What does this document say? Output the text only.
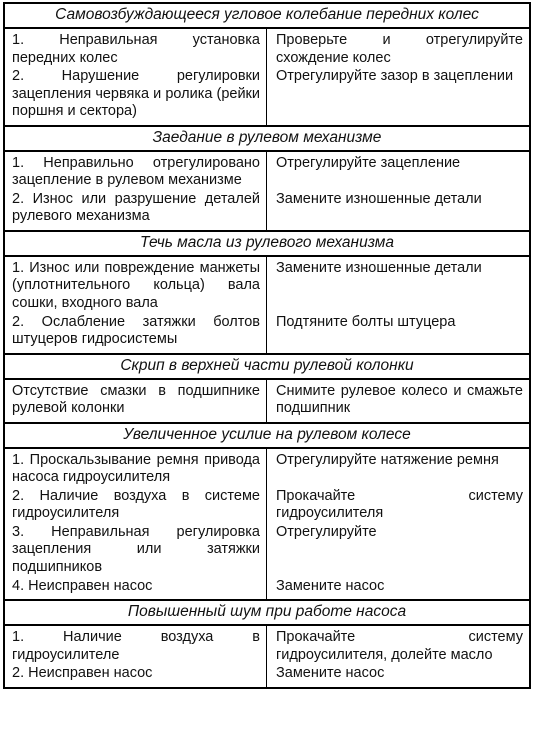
Самовозбуждающееся угловое колебание передних колес

1. Неправильная установка передних колес

2. Нарушение регулировки зацепления червяка и ролика (рейки поршня и сектора)

Проверьте и отрегулируйте схождение колес

Отрегулируйте зазор в зацеплении

Заедание в рулевом механизме

1. Неправильно отрегулировано зацепление в рулевом механизме

2. Износ или разрушение деталей рулевого механизма

Отрегулируйте зацепление

Замените изношенные детали

Течь масла из рулевого механизма

1. Износ или повреждение манжеты (уплотнительного кольца) вала сошки, входного вала

2. Ослабление затяжки болтов штуцеров гидросистемы

Замените изношенные детали

Подтяните болты штуцера

Скрип в верхней части рулевой колонки

Отсутствие смазки в подшипнике рулевой колонки

Снимите рулевое колесо и смажьте подшипник

Увеличенное усилие на рулевом колесе

1. Проскальзывание ремня привода насоса гидроусилителя

2. Наличие воздуха в системе гидроусилителя

3. Неправильная регулировка зацепления или затяжки подшипников

4. Неисправен насос

Отрегулируйте натяжение ремня

Прокачайте систему гидроусилителя

Отрегулируйте

Замените насос

Повышенный шум при работе насоса

1. Наличие воздуха в гидроусилителе

2. Неисправен насос

Прокачайте систему гидроусилителя, долейте масло

Замените насос
